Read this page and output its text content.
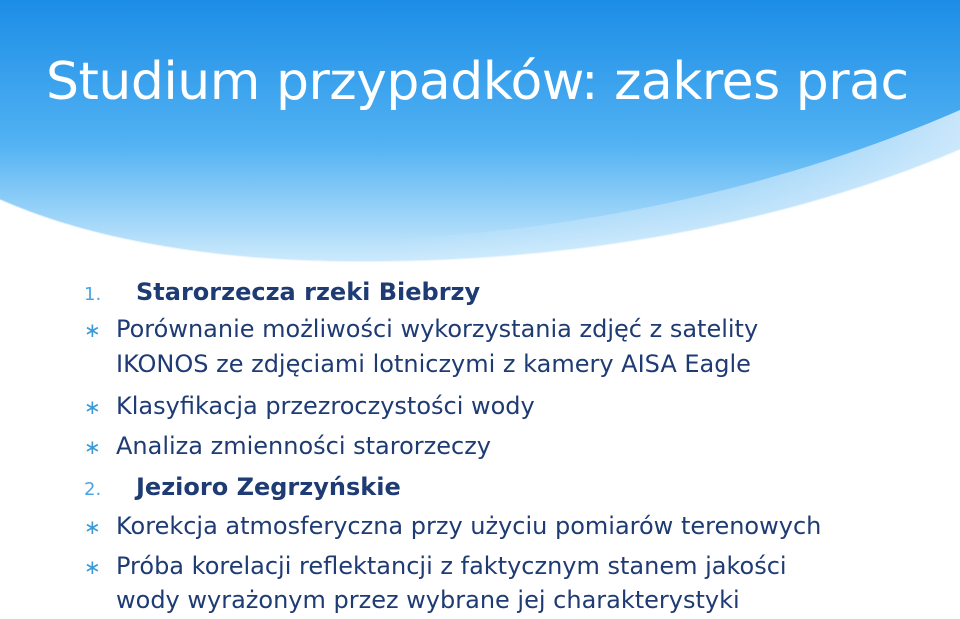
Studium przypadków: zakres prac
1.	Starorzecza rzeki Biebrzy
∗ Porównanie możliwości wykorzystania zdjęć z satelity
IKONOS ze zdjęciami lotniczymi z kamery AISA Eagle
∗ Klasyfikacja przezroczystości wody
∗ Analiza zmienności starorzeczy
2.	Jezioro Zegrzyńskie
∗ Korekcja atmosferyczna przy użyciu pomiarów terenowych
∗ Próba korelacji reflektancji z faktycznym stanem jakości
wody wyrażonym przez wybrane jej charakterystyki
